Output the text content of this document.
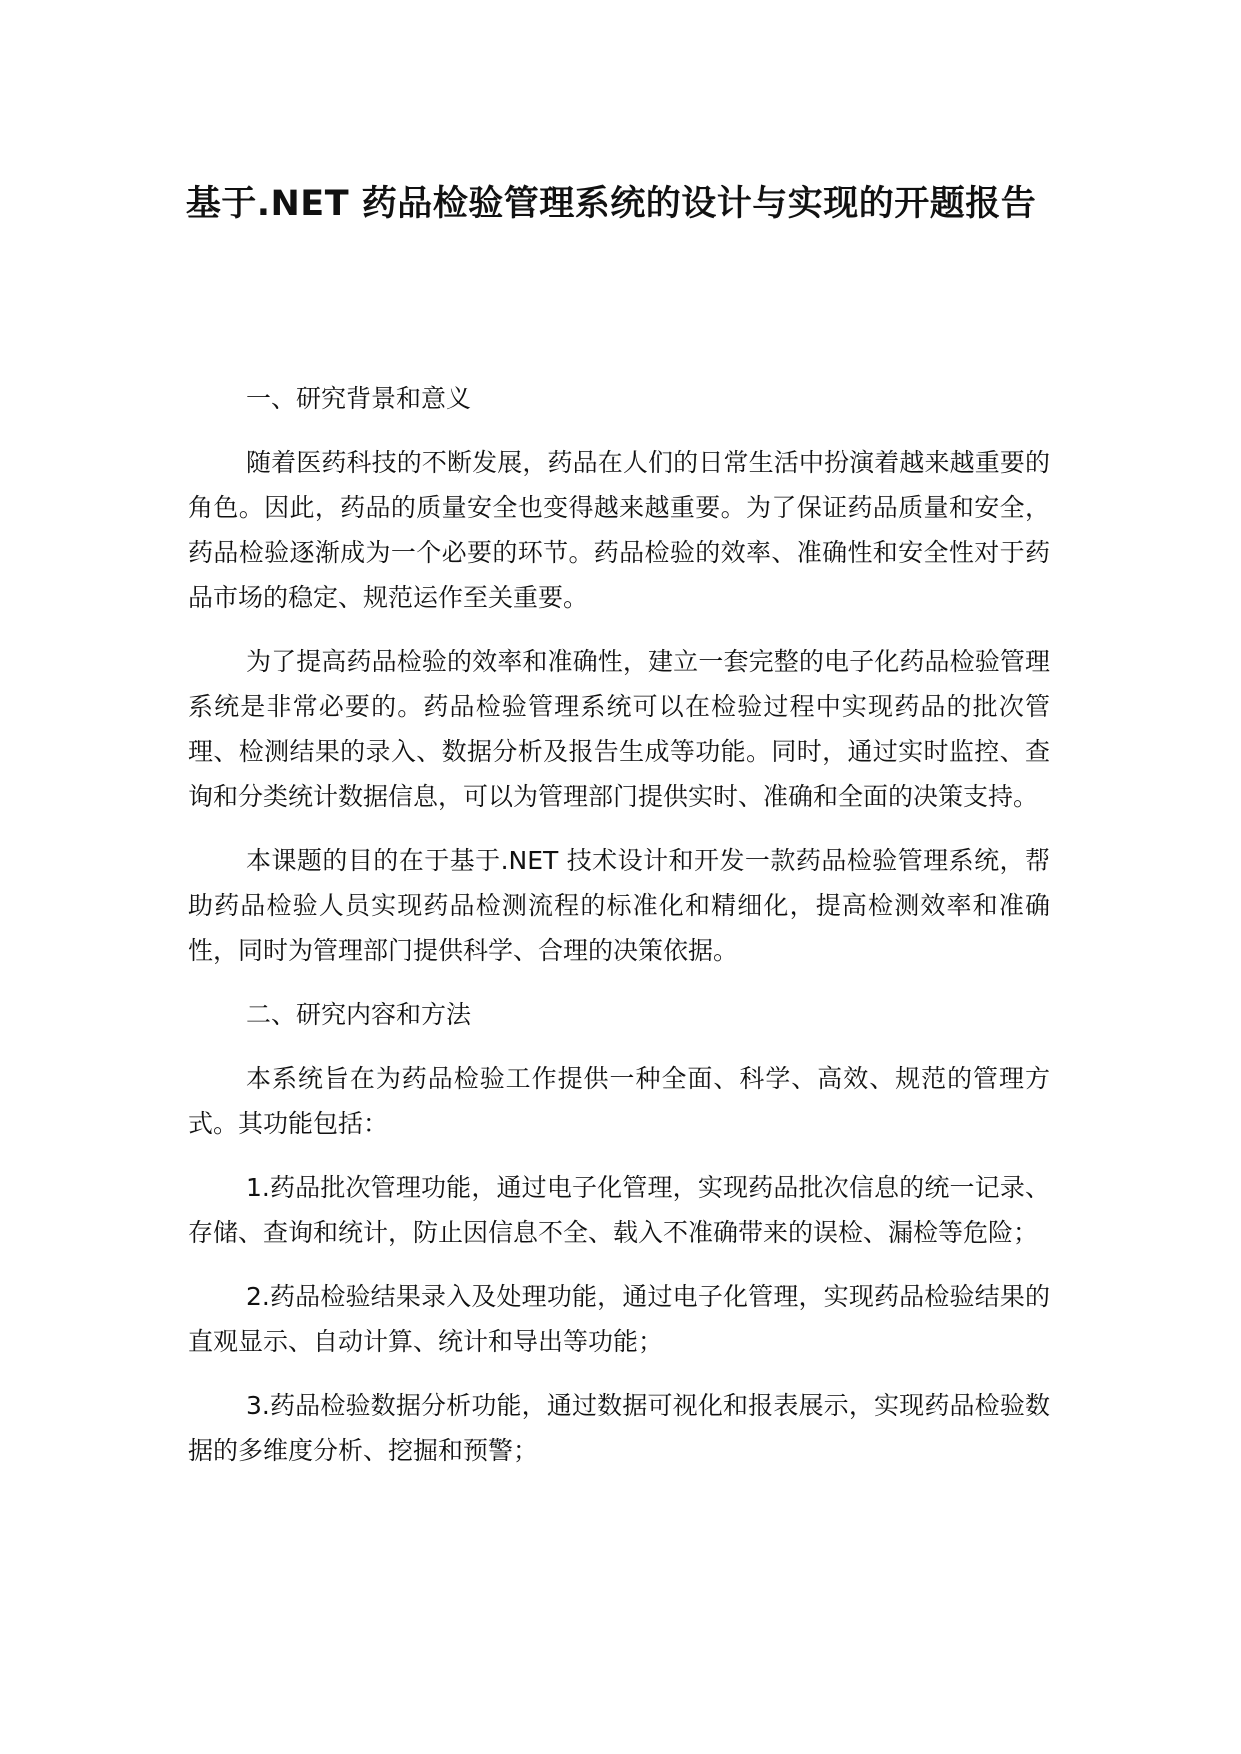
基于.NET 药品检验管理系统的设计与实现的开题报告

一、研究背景和意义

随着医药科技的不断发展，药品在人们的日常生活中扮演着越来越重要的角色。因此，药品的质量安全也变得越来越重要。为了保证药品质量和安全，药品检验逐渐成为一个必要的环节。药品检验的效率、准确性和安全性对于药品市场的稳定、规范运作至关重要。

为了提高药品检验的效率和准确性，建立一套完整的电子化药品检验管理系统是非常必要的。药品检验管理系统可以在检验过程中实现药品的批次管理、检测结果的录入、数据分析及报告生成等功能。同时，通过实时监控、查询和分类统计数据信息，可以为管理部门提供实时、准确和全面的决策支持。

本课题的目的在于基于.NET 技术设计和开发一款药品检验管理系统，帮助药品检验人员实现药品检测流程的标准化和精细化，提高检测效率和准确性，同时为管理部门提供科学、合理的决策依据。

二、研究内容和方法

本系统旨在为药品检验工作提供一种全面、科学、高效、规范的管理方式。其功能包括：

1.药品批次管理功能，通过电子化管理，实现药品批次信息的统一记录、存储、查询和统计，防止因信息不全、载入不准确带来的误检、漏检等危险；

2.药品检验结果录入及处理功能，通过电子化管理，实现药品检验结果的直观显示、自动计算、统计和导出等功能；

3.药品检验数据分析功能，通过数据可视化和报表展示，实现药品检验数据的多维度分析、挖掘和预警；
